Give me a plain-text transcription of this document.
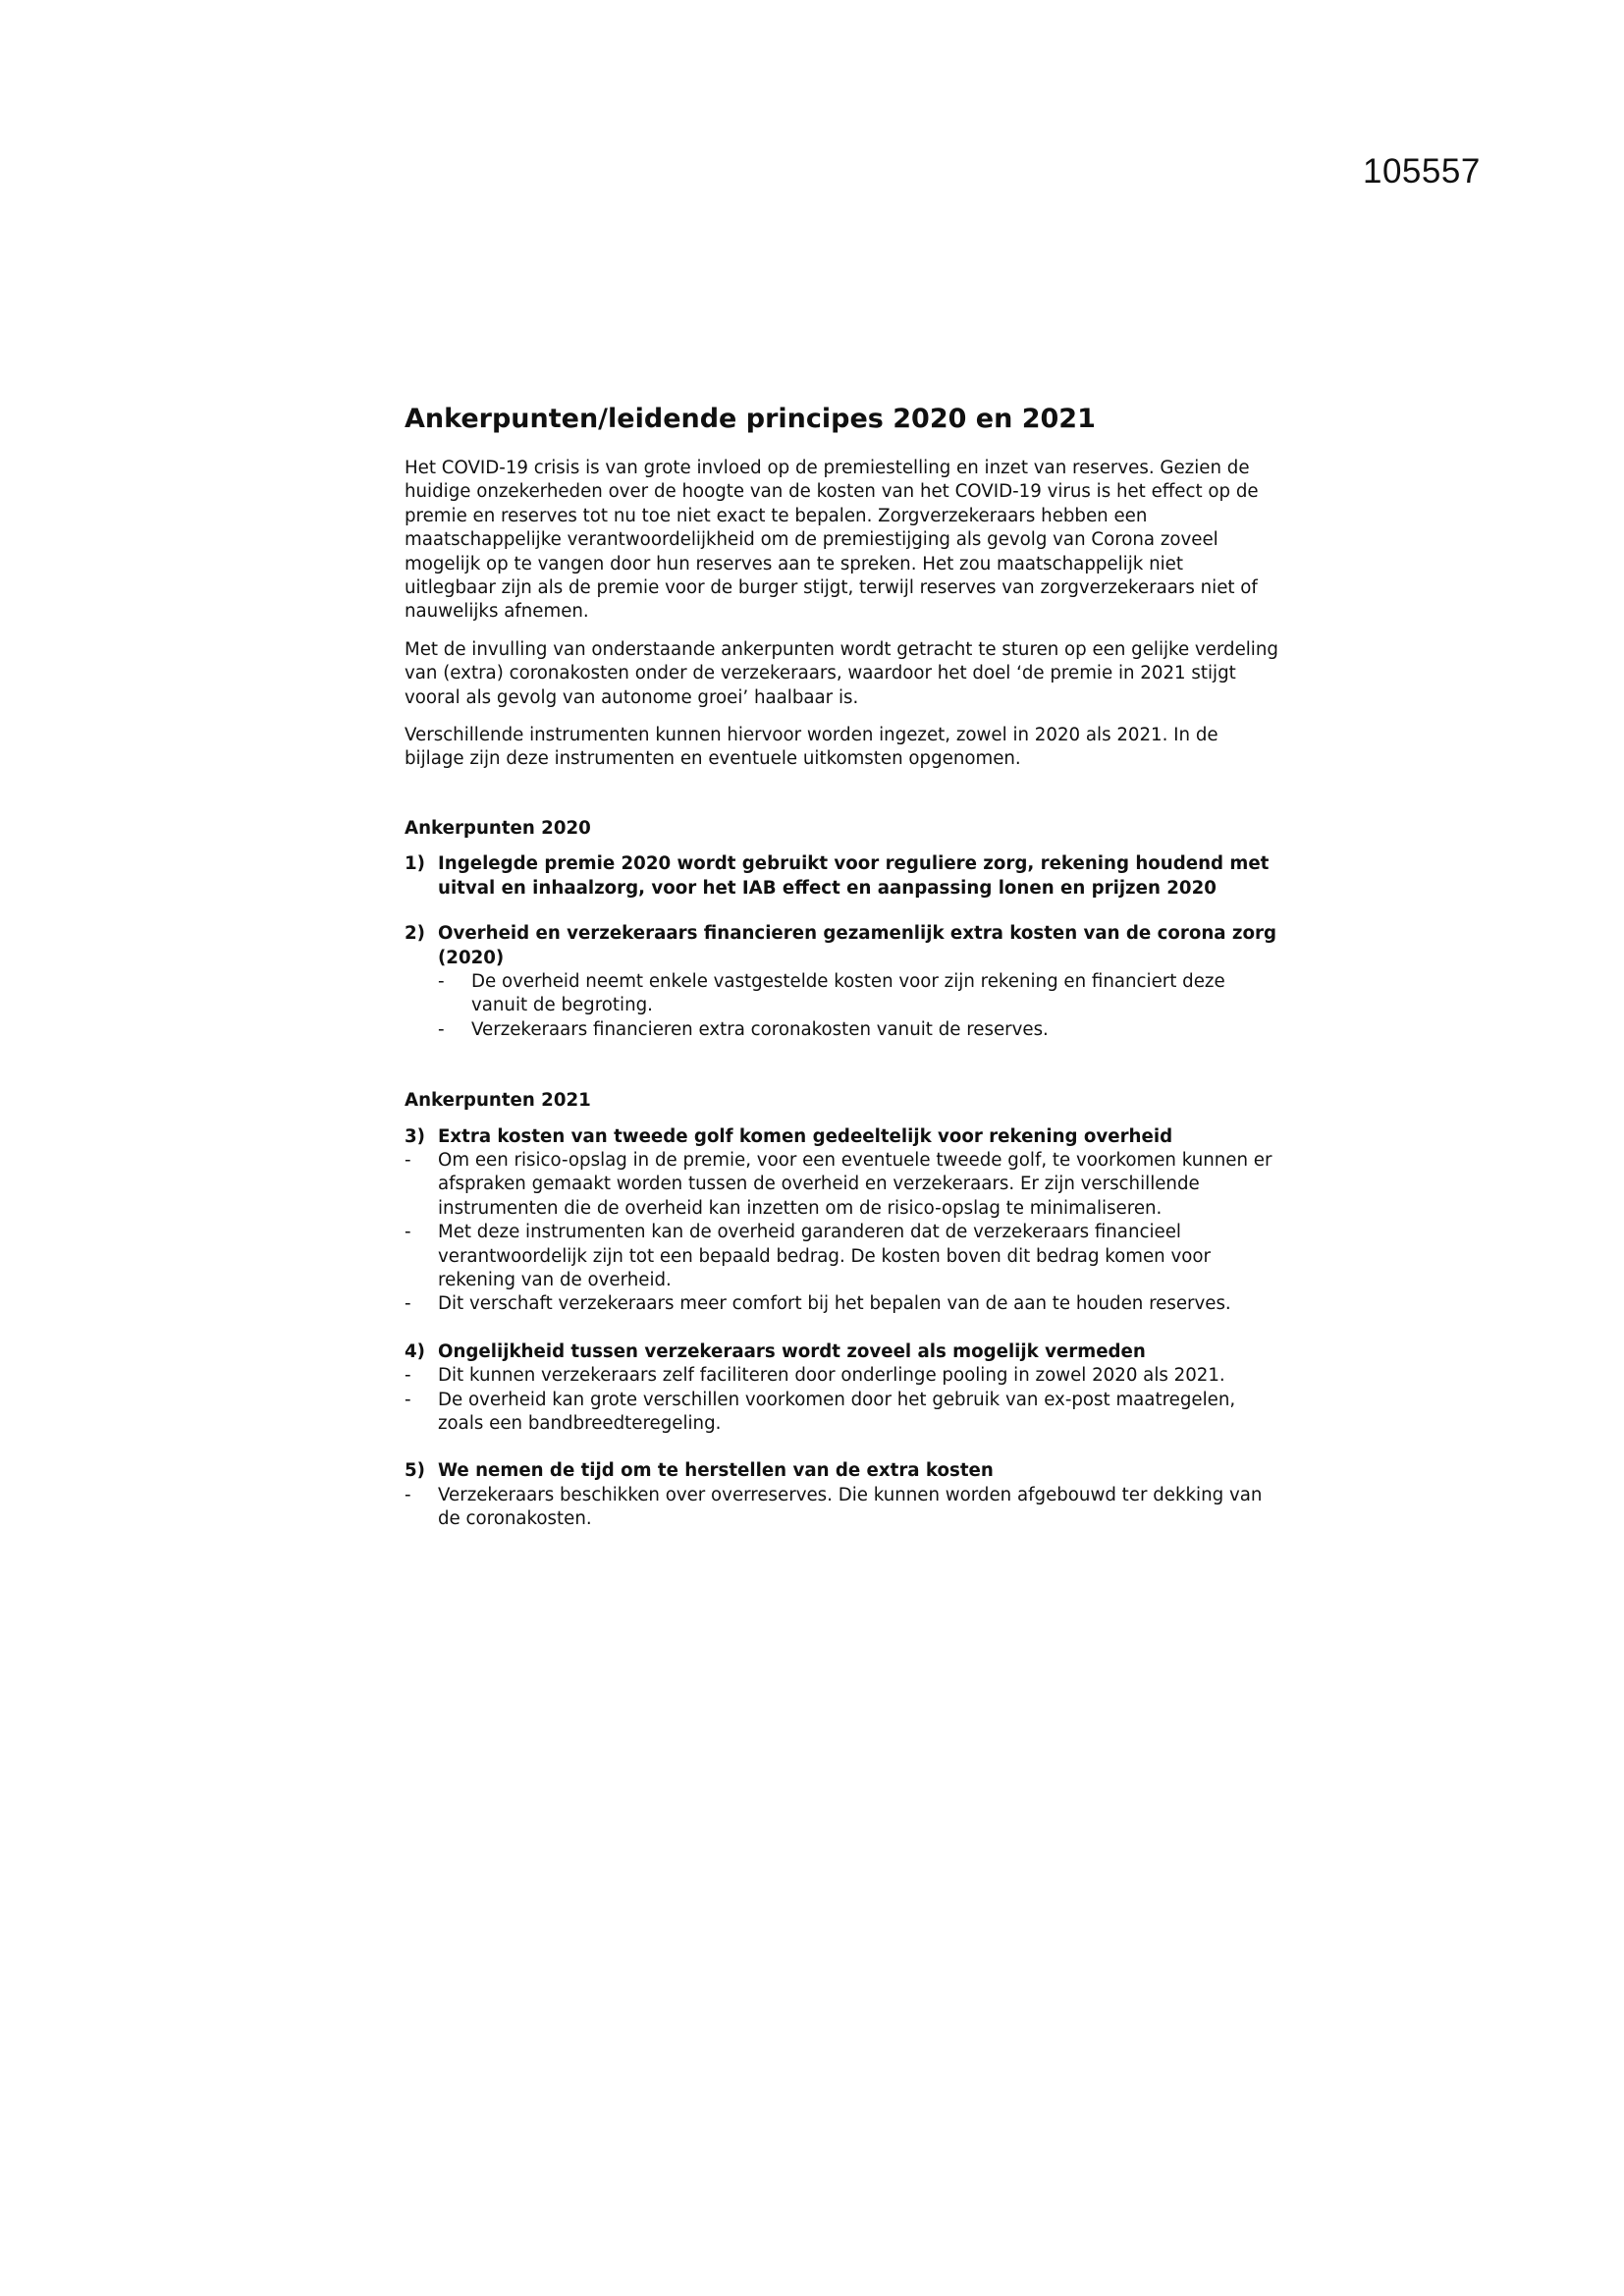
105557
Ankerpunten/leidende principes 2020 en 2021

Het COVID-19 crisis is van grote invloed op de premiestelling en inzet van reserves. Gezien de huidige onzekerheden over de hoogte van de kosten van het COVID-19 virus is het effect op de premie en reserves tot nu toe niet exact te bepalen. Zorgverzekeraars hebben een maatschappelijke verantwoordelijkheid om de premiestijging als gevolg van Corona zoveel mogelijk op te vangen door hun reserves aan te spreken. Het zou maatschappelijk niet uitlegbaar zijn als de premie voor de burger stijgt, terwijl reserves van zorgverzekeraars niet of nauwelijks afnemen.

Met de invulling van onderstaande ankerpunten wordt getracht te sturen op een gelijke verdeling van (extra) coronakosten onder de verzekeraars, waardoor het doel ‘de premie in 2021 stijgt vooral als gevolg van autonome groei’ haalbaar is.

Verschillende instrumenten kunnen hiervoor worden ingezet, zowel in 2020 als 2021. In de bijlage zijn deze instrumenten en eventuele uitkomsten opgenomen.

Ankerpunten 2020
1) Ingelegde premie 2020 wordt gebruikt voor reguliere zorg, rekening houdend met uitval en inhaalzorg, voor het IAB effect en aanpassing lonen en prijzen 2020
2) Overheid en verzekeraars financieren gezamenlijk extra kosten van de corona zorg (2020)
- De overheid neemt enkele vastgestelde kosten voor zijn rekening en financiert deze vanuit de begroting.
- Verzekeraars financieren extra coronakosten vanuit de reserves.
Ankerpunten 2021
3) Extra kosten van tweede golf komen gedeeltelijk voor rekening overheid
- Om een risico-opslag in de premie, voor een eventuele tweede golf, te voorkomen kunnen er afspraken gemaakt worden tussen de overheid en verzekeraars. Er zijn verschillende instrumenten die de overheid kan inzetten om de risico-opslag te minimaliseren.
- Met deze instrumenten kan de overheid garanderen dat de verzekeraars financieel verantwoordelijk zijn tot een bepaald bedrag. De kosten boven dit bedrag komen voor rekening van de overheid.
- Dit verschaft verzekeraars meer comfort bij het bepalen van de aan te houden reserves.
4) Ongelijkheid tussen verzekeraars wordt zoveel als mogelijk vermeden
- Dit kunnen verzekeraars zelf faciliteren door onderlinge pooling in zowel 2020 als 2021.
- De overheid kan grote verschillen voorkomen door het gebruik van ex-post maatregelen, zoals een bandbreedteregeling.
5) We nemen de tijd om te herstellen van de extra kosten
- Verzekeraars beschikken over overreserves. Die kunnen worden afgebouwd ter dekking van de coronakosten.
